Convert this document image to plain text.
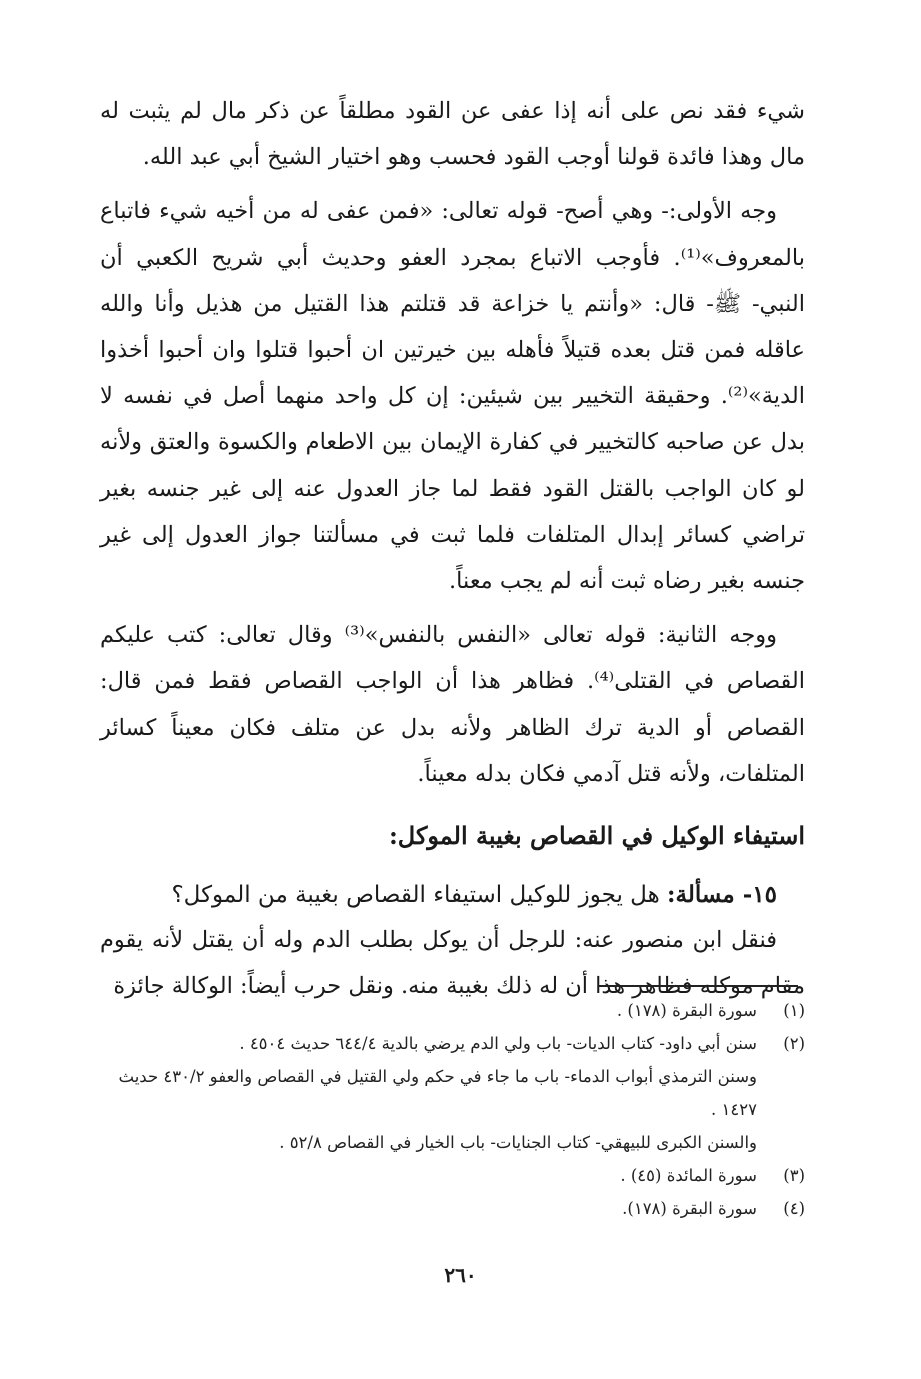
شيء فقد نص على أنه إذا عفى عن القود مطلقاً عن ذكر مال لم يثبت له مال وهذا فائدة قولنا أوجب القود فحسب وهو اختيار الشيخ أبي عبد الله.

وجه الأولى:- وهي أصح- قوله تعالى: «فمن عفى له من أخيه شيء فاتباع بالمعروف»⁽¹⁾. فأوجب الاتباع بمجرد العفو وحديث أبي شريح الكعبي أن النبي- ﷺ- قال: «وأنتم يا خزاعة قد قتلتم هذا القتيل من هذيل وأنا والله عاقله فمن قتل بعده قتيلاً فأهله بين خيرتين ان أحبوا قتلوا وان أحبوا أخذوا الدية»⁽²⁾. وحقيقة التخيير بين شيئين: إن كل واحد منهما أصل في نفسه لا بدل عن صاحبه كالتخيير في كفارة الإيمان بين الاطعام والكسوة والعتق ولأنه لو كان الواجب بالقتل القود فقط لما جاز العدول عنه إلى غير جنسه بغير تراضي كسائر إبدال المتلفات فلما ثبت في مسألتنا جواز العدول إلى غير جنسه بغير رضاه ثبت أنه لم يجب معناً.

ووجه الثانية: قوله تعالى «النفس بالنفس»⁽³⁾ وقال تعالى: كتب عليكم القصاص في القتلى⁽⁴⁾. فظاهر هذا أن الواجب القصاص فقط فمن قال: القصاص أو الدية ترك الظاهر ولأنه بدل عن متلف فكان معيناً كسائر المتلفات، ولأنه قتل آدمي فكان بدله معيناً.

استيفاء الوكيل في القصاص بغيبة الموكل:

١٥- مسألة: هل يجوز للوكيل استيفاء القصاص بغيبة من الموكل؟

فنقل ابن منصور عنه: للرجل أن يوكل بطلب الدم وله أن يقتل لأنه يقوم مقام موكله فظاهر هذا أن له ذلك بغيبة منه. ونقل حرب أيضاً: الوكالة جائزة

(١)
سورة البقرة (١٧٨) .
(٢)
سنن أبي داود- كتاب الديات- باب ولي الدم يرضي بالدية ٦٤٤/٤ حديث ٤٥٠٤ .
وسنن الترمذي أبواب الدماء- باب ما جاء في حكم ولي القتيل في القصاص والعفو ٤٣٠/٢ حديث ١٤٢٧ .
والسنن الكبرى للبيهقي- كتاب الجنايات- باب الخيار في القصاص ٥٢/٨ .
(٣)
سورة المائدة (٤٥) .
(٤)
سورة البقرة (١٧٨).
٢٦٠
